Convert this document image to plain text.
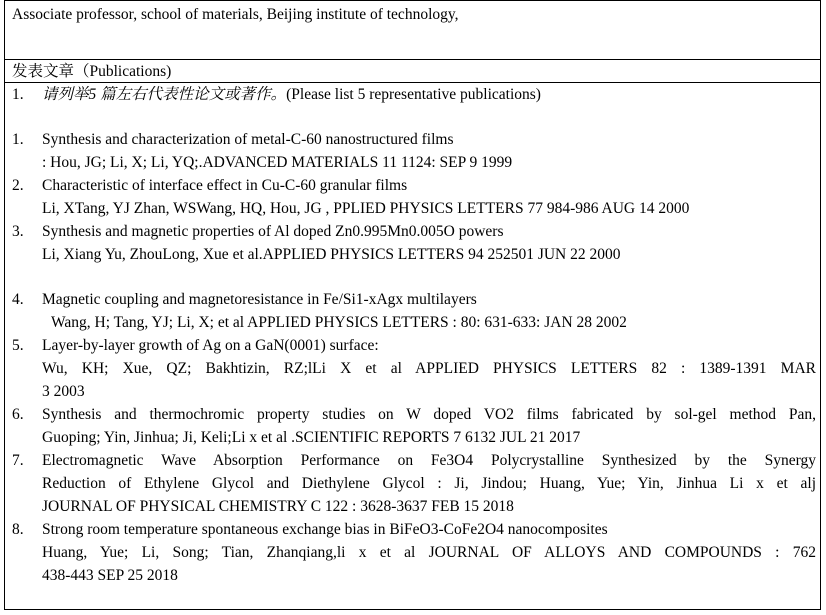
Associate professor, school of materials, Beijing institute of technology,
发表文章（Publications)
1. 请列举5 篇左右代表性论文或著作。(Please list 5 representative publications)
1. Synthesis and characterization of metal-C-60 nanostructured films
: Hou, JG; Li, X; Li, YQ;.ADVANCED MATERIALS 11 1124: SEP 9 1999
2. Characteristic of interface effect in Cu-C-60 granular films
Li, XTang, YJ Zhan, WSWang, HQ, Hou, JG , PPLIED PHYSICS LETTERS 77 984-986 AUG 14 2000
3. Synthesis and magnetic properties of Al doped Zn0.995Mn0.005O powers
Li, Xiang Yu, ZhouLong, Xue et al.APPLIED PHYSICS LETTERS 94 252501 JUN 22 2000
4. Magnetic coupling and magnetoresistance in Fe/Si1-xAgx multilayers
Wang, H; Tang, YJ; Li, X; et al APPLIED PHYSICS LETTERS : 80: 631-633: JAN 28 2002
5. Layer-by-layer growth of Ag on a GaN(0001) surface:
Wu, KH; Xue, QZ; Bakhtizin, RZ;lLi X et al APPLIED PHYSICS LETTERS 82 : 1389-1391 MAR
3 2003
6. Synthesis and thermochromic property studies on W doped VO2 films fabricated by sol-gel method Pan,
Guoping; Yin, Jinhua; Ji, Keli;Li x et al .SCIENTIFIC REPORTS 7 6132 JUL 21 2017
7. Electromagnetic Wave Absorption Performance on Fe3O4 Polycrystalline Synthesized by the Synergy
Reduction of Ethylene Glycol and Diethylene Glycol : Ji, Jindou; Huang, Yue; Yin, Jinhua Li x et alj
JOURNAL OF PHYSICAL CHEMISTRY C 122 : 3628-3637 FEB 15 2018
8. Strong room temperature spontaneous exchange bias in BiFeO3-CoFe2O4 nanocomposites
Huang, Yue; Li, Song; Tian, Zhanqiang,li x et al JOURNAL OF ALLOYS AND COMPOUNDS : 762
438-443 SEP 25 2018
